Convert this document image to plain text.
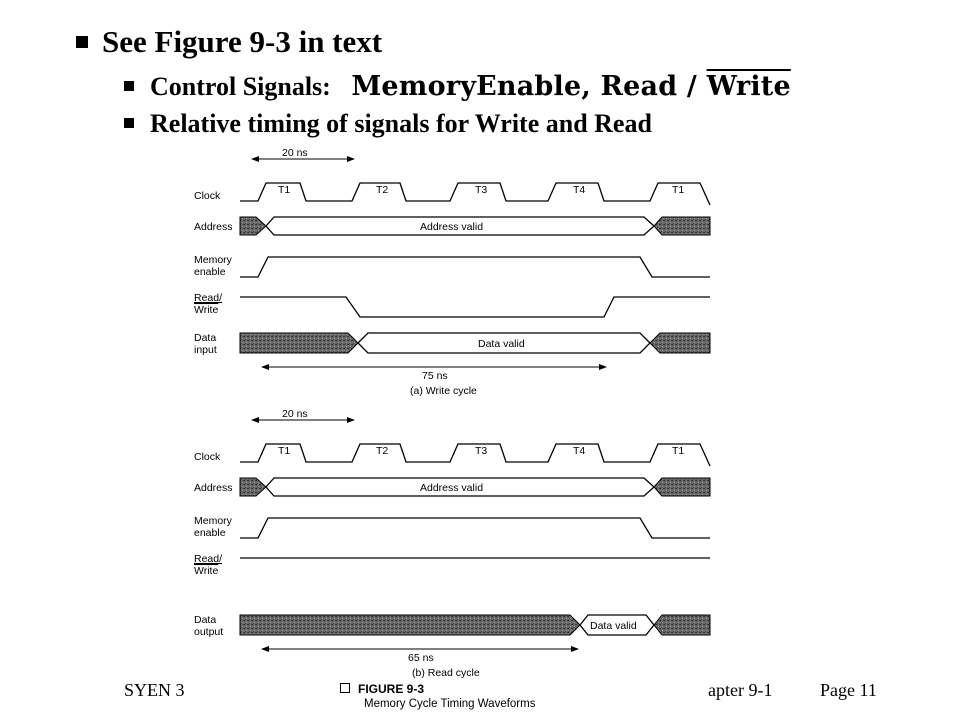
See Figure 9-3 in text
Control Signals: MemoryEnable, Read / Write
Relative timing of signals for Write and Read
20 ns
Clock	T1	T2	T3	T4	T1
Address valid
Address
Memory
enable
Read/
Write
Data valid
Data
input
75 ns
(a) Write cycle
20 ns
Clock	T1	T2	T3	T4	T1
Address valid
Address
Memory
enable
Read/
Write
Data valid
Data
output
65 ns
(b) Read cycle
FIGURE 9-3
Memory Cycle Timing Waveforms
SYEN 3	apter 9-1	Page 11
